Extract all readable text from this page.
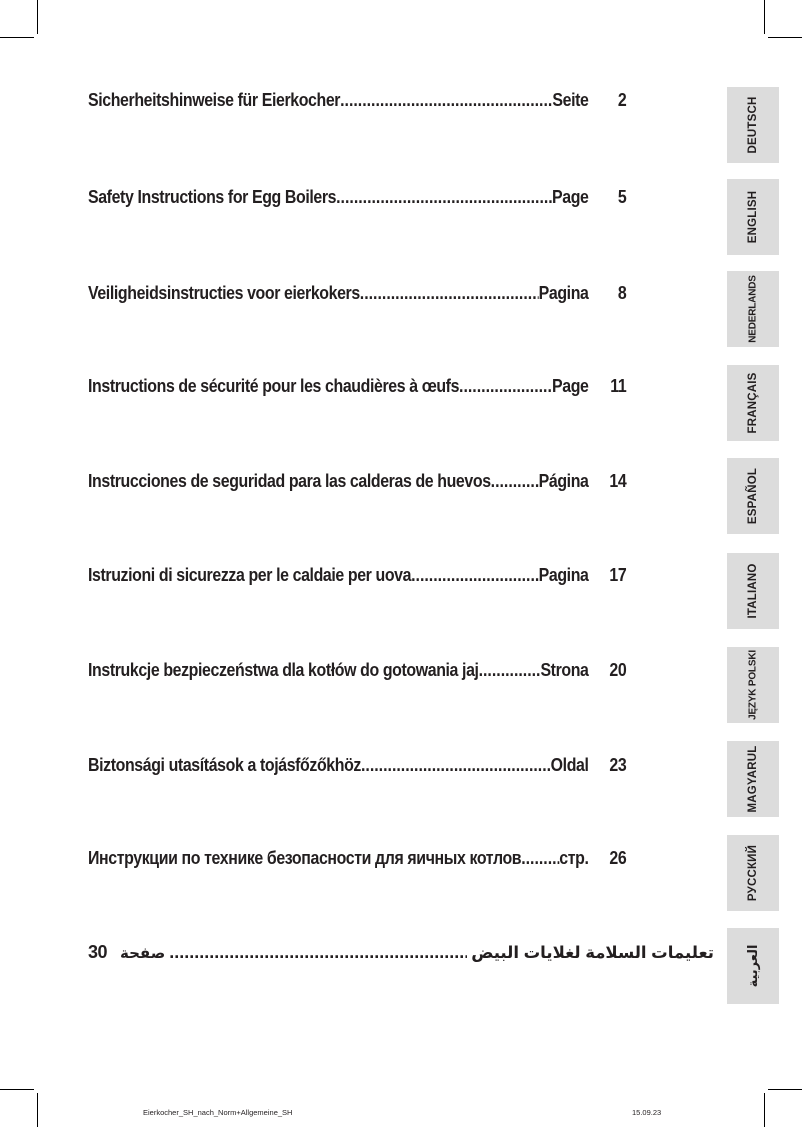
Sicherheitshinweise für Eierkocher .....	Seite	2
Safety Instructions for Egg Boilers .....	Page	5
Veiligheidsinstructies voor eierkokers .....	Pagina	8
Instructions de sécurité pour les chaudières à œufs .....	Page	11
Instrucciones de seguridad para las calderas de huevos .....	Página	14
Istruzioni di sicurezza per le caldaie per uova .....	Pagina	17
Instrukcje bezpieczeństwa dla kotłów do gotowania jaj .....	Strona	20
Biztonsági utasítások a tojásfőzőkhöz .....	Oldal	23
Инструкции по технике безопасности для яичных котлов ..... стр.	26
30 صفحة .....	تعليمات السلامة لغلايات البيض
DEUTSCH
ENGLISH
NEDERLANDS
FRANÇAIS
ESPAÑOL
ITALIANO
JĘZYK POLSKI
MAGYARUL
РУССКИЙ
العربية
Eierkocher_SH_nach_Norm+Allgemeine_SH	15.09.23
